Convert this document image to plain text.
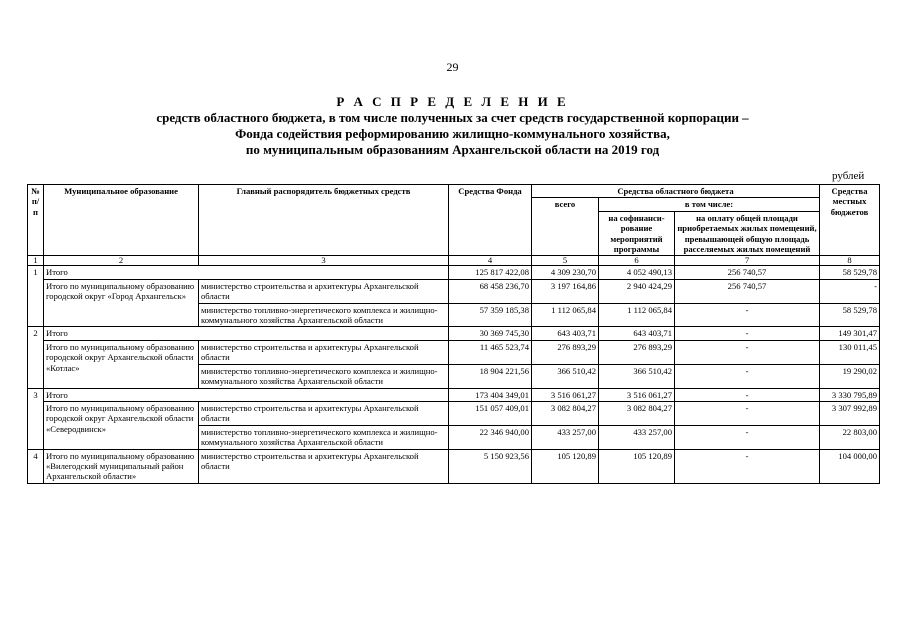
29
Р А С П Р Е Д Е Л Е Н И Е
средств областного бюджета, в том числе полученных за счет средств государственной корпорации –
Фонда содействия реформированию жилищно-коммунального хозяйства,
по муниципальным образованиям Архангельской области на 2019 год
рублей
№ п/п	Муниципальное образование	Главный распорядитель бюджетных средств	Средства Фонда	Средства областного бюджета			Средства местных бюджетов
				всего	в том числе:		
					на софинанси-рование мероприятий программы	на оплату общей площади приобретаемых жилых помещений, превышающей общую площадь расселяемых жилых помещений	
1	2	3	4	5	6	7	8
1	Итого		125 817 422,08	4 309 230,70	4 052 490,13	256 740,57	58 529,78
	Итого по муниципальному образованию городской округ «Город Архангельск»	министерство строительства и архитектуры Архангельской области	68 458 236,70	3 197 164,86	2 940 424,29	256 740,57	-
		министерство топливно-энергетического комплекса и жилищно-коммунального хозяйства Архангельской области	57 359 185,38	1 112 065,84	1 112 065,84	-	58 529,78
2	Итого		30 369 745,30	643 403,71	643 403,71	-	149 301,47
	Итого по муниципальному образованию городской округ Архангельской области «Котлас»	министерство строительства и архитектуры Архангельской области	11 465 523,74	276 893,29	276 893,29	-	130 011,45
		министерство топливно-энергетического комплекса и жилищно-коммунального хозяйства Архангельской области	18 904 221,56	366 510,42	366 510,42	-	19 290,02
3	Итого		173 404 349,01	3 516 061,27	3 516 061,27	-	3 330 795,89
	Итого по муниципальному образованию городской округ Архангельской области «Северодвинск»	министерство строительства и архитектуры Архангельской области	151 057 409,01	3 082 804,27	3 082 804,27	-	3 307 992,89
		министерство топливно-энергетического комплекса и жилищно-коммунального хозяйства Архангельской области	22 346 940,00	433 257,00	433 257,00	-	22 803,00
4	Итого по муниципальному образованию «Вилегодский муниципальный район Архангельской области»	министерство строительства и архитектуры Архангельской области	5 150 923,56	105 120,89	105 120,89	-	104 000,00
